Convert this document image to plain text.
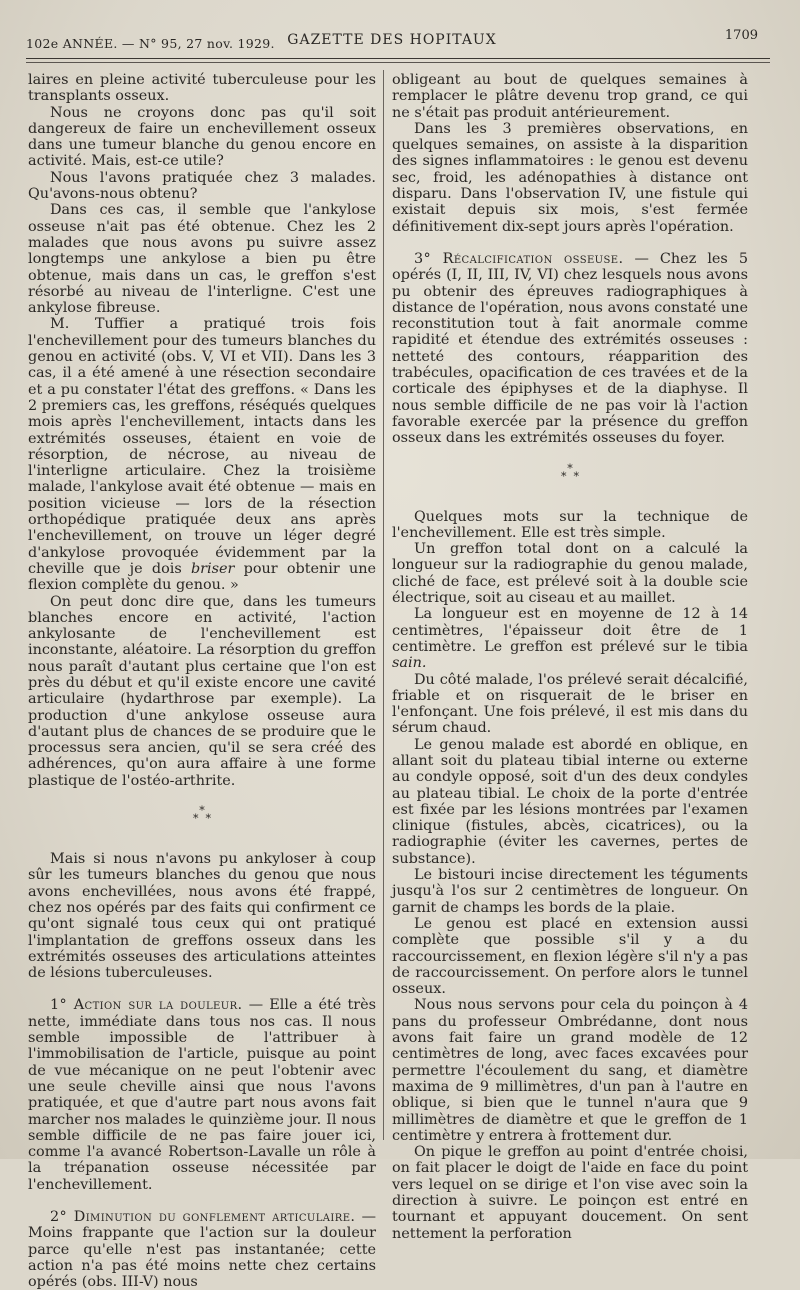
102e ANNÉE. — N° 95, 27 nov. 1929. GAZETTE DES HOPITAUX	1709

laires en pleine activité tuberculeuse pour les transplants osseux.

Nous ne croyons donc pas qu'il soit dangereux de faire un enchevillement osseux dans une tumeur blanche du genou encore en activité. Mais, est-ce utile?

Nous l'avons pratiquée chez 3 malades. Qu'avons-nous obtenu?

Dans ces cas, il semble que l'ankylose osseuse n'ait pas été obtenue. Chez les 2 malades que nous avons pu suivre assez longtemps une ankylose a bien pu être obtenue, mais dans un cas, le greffon s'est résorbé au niveau de l'interligne. C'est une ankylose fibreuse.

M. Tuffier a pratiqué trois fois l'enchevillement pour des tumeurs blanches du genou en activité (obs. V, VI et VII). Dans les 3 cas, il a été amené à une résection secondaire et a pu constater l'état des greffons. « Dans les 2 premiers cas, les greffons, réséqués quelques mois après l'enchevillement, intacts dans les extrémités osseuses, étaient en voie de résorption, de nécrose, au niveau de l'interligne articulaire. Chez la troisième malade, l'ankylose avait été obtenue — mais en position vicieuse — lors de la résection orthopédique pratiquée deux ans après l'enchevillement, on trouve un léger degré d'ankylose provoquée évidemment par la cheville que je dois briser pour obtenir une flexion complète du genou. »

On peut donc dire que, dans les tumeurs blanches encore en activité, l'action ankylosante de l'enchevillement est inconstante, aléatoire. La résorption du greffon nous paraît d'autant plus certaine que l'on est près du début et qu'il existe encore une cavité articulaire (hydarthrose par exemple). La production d'une ankylose osseuse aura d'autant plus de chances de se produire que le processus sera ancien, qu'il se sera créé des adhérences, qu'on aura affaire à une forme plastique de l'ostéo-arthrite.

*
* *

Mais si nous n'avons pu ankyloser à coup sûr les tumeurs blanches du genou que nous avons enchevillées, nous avons été frappé, chez nos opérés par des faits qui confirment ce qu'ont signalé tous ceux qui ont pratiqué l'implantation de greffons osseux dans les extrémités osseuses des articulations atteintes de lésions tuberculeuses.

1° Action sur la douleur. — Elle a été très nette, immédiate dans tous nos cas. Il nous semble impossible de l'attribuer à l'immobilisation de l'article, puisque au point de vue mécanique on ne peut l'obtenir avec une seule cheville ainsi que nous l'avons pratiquée, et que d'autre part nous avons fait marcher nos malades le quinzième jour. Il nous semble difficile de ne pas faire jouer ici, comme l'a avancé Robertson-Lavalle un rôle à la trépanation osseuse nécessitée par l'enchevillement.

2° Diminution du gonflement articulaire. — Moins frappante que l'action sur la douleur parce qu'elle n'est pas instantanée; cette action n'a pas été moins nette chez certains opérés (obs. III-V) nous

obligeant au bout de quelques semaines à remplacer le plâtre devenu trop grand, ce qui ne s'était pas produit antérieurement.

Dans les 3 premières observations, en quelques semaines, on assiste à la disparition des signes inflammatoires : le genou est devenu sec, froid, les adénopathies à distance ont disparu. Dans l'observation IV, une fistule qui existait depuis six mois, s'est fermée définitivement dix-sept jours après l'opération.

3° Récalcification osseuse. — Chez les 5 opérés (I, II, III, IV, VI) chez lesquels nous avons pu obtenir des épreuves radiographiques à distance de l'opération, nous avons constaté une reconstitution tout à fait anormale comme rapidité et étendue des extrémités osseuses : netteté des contours, réapparition des trabécules, opacification de ces travées et de la corticale des épiphyses et de la diaphyse. Il nous semble difficile de ne pas voir là l'action favorable exercée par la présence du greffon osseux dans les extrémités osseuses du foyer.

*
* *

Quelques mots sur la technique de l'enchevillement. Elle est très simple.

Un greffon total dont on a calculé la longueur sur la radiographie du genou malade, cliché de face, est prélevé soit à la double scie électrique, soit au ciseau et au maillet.

La longueur est en moyenne de 12 à 14 centimètres, l'épaisseur doit être de 1 centimètre. Le greffon est prélevé sur le tibia sain.

Du côté malade, l'os prélevé serait décalcifié, friable et on risquerait de le briser en l'enfonçant. Une fois prélevé, il est mis dans du sérum chaud.

Le genou malade est abordé en oblique, en allant soit du plateau tibial interne ou externe au condyle opposé, soit d'un des deux condyles au plateau tibial. Le choix de la porte d'entrée est fixée par les lésions montrées par l'examen clinique (fistules, abcès, cicatrices), ou la radiographie (éviter les cavernes, pertes de substance).

Le bistouri incise directement les téguments jusqu'à l'os sur 2 centimètres de longueur. On garnit de champs les bords de la plaie.

Le genou est placé en extension aussi complète que possible s'il y a du raccourcissement, en flexion légère s'il n'y a pas de raccourcissement. On perfore alors le tunnel osseux.

Nous nous servons pour cela du poinçon à 4 pans du professeur Ombrédanne, dont nous avons fait faire un grand modèle de 12 centimètres de long, avec faces excavées pour permettre l'écoulement du sang, et diamètre maxima de 9 millimètres, d'un pan à l'autre en oblique, si bien que le tunnel n'aura que 9 millimètres de diamètre et que le greffon de 1 centimètre y entrera à frottement dur.

On pique le greffon au point d'entrée choisi, on fait placer le doigt de l'aide en face du point vers lequel on se dirige et l'on vise avec soin la direction à suivre. Le poinçon est entré en tournant et appuyant doucement. On sent nettement la perforation
